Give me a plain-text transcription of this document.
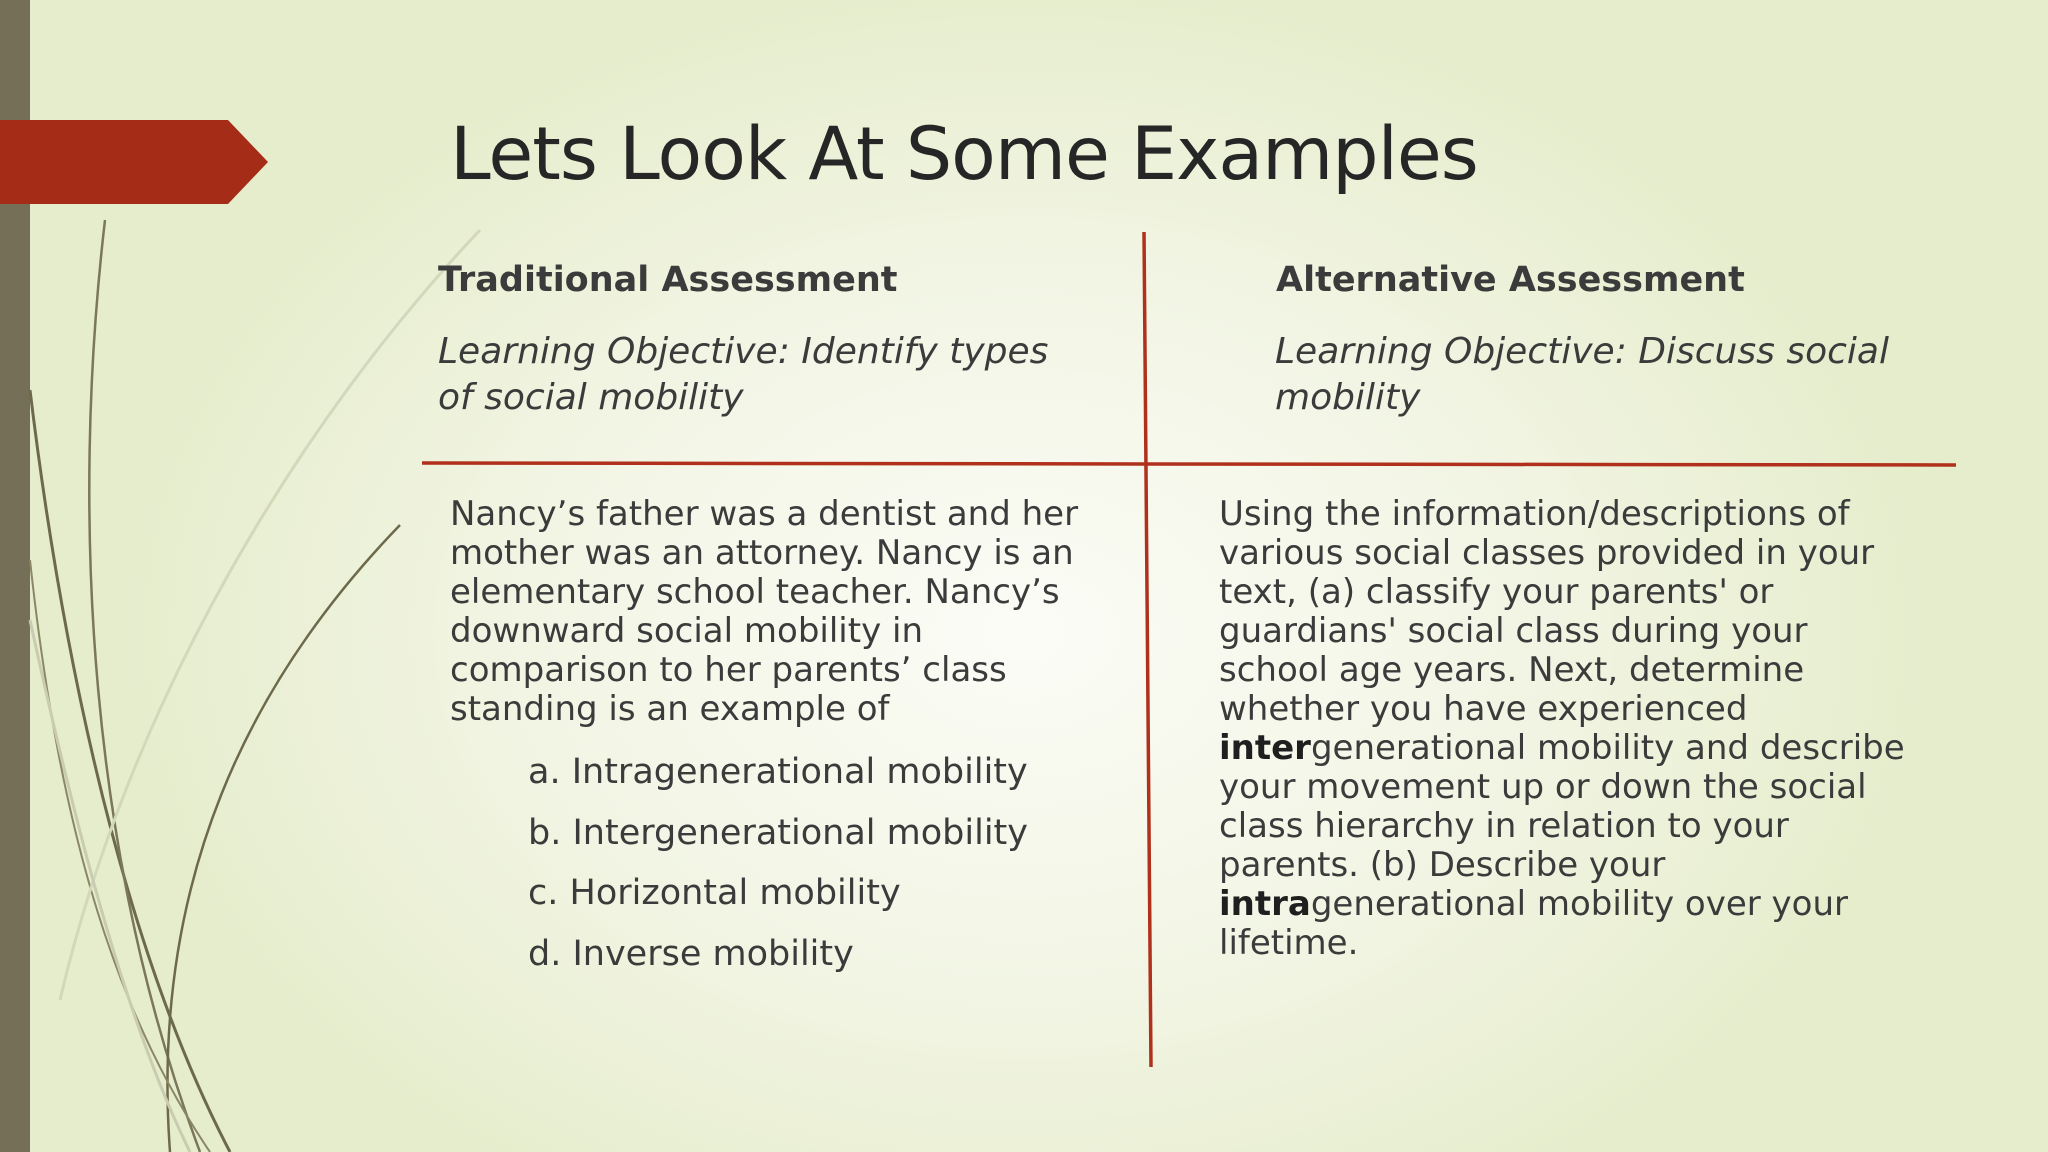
Lets Look At Some Examples
Traditional Assessment
Learning Objective: Identify types
of social mobility
Nancy’s father was a dentist and her
mother was an attorney. Nancy is an
elementary school teacher. Nancy’s
downward social mobility in
comparison to her parents’ class
standing is an example of
a. Intragenerational mobility
b. Intergenerational mobility
c. Horizontal mobility
d. Inverse mobility
Alternative Assessment
Learning Objective: Discuss social
mobility
Using the information/descriptions of
various social classes provided in your
text, (a) classify your parents' or
guardians' social class during your
school age years. Next, determine
whether you have experienced
intergenerational mobility and describe
your movement up or down the social
class hierarchy in relation to your
parents. (b) Describe your
intragenerational mobility over your
lifetime.
